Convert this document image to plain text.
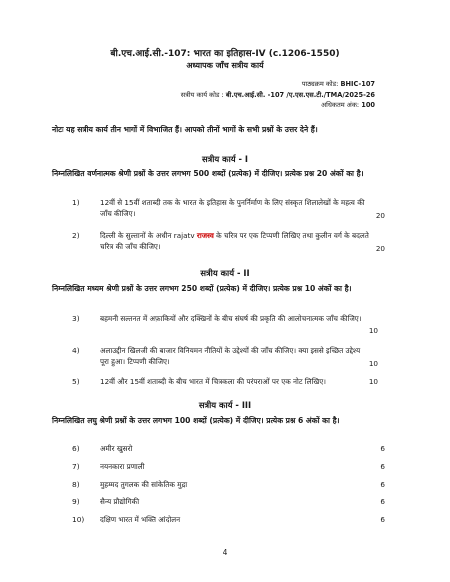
बी.एच.आई.सी.-107: भारत का इतिहास-IV (c.1206-1550)
अध्यापक जाँच सत्रीय कार्य
पाठ्यक्रम कोड: BHIC-107
सत्रीय कार्य कोड : बी.एच.आई.सी. -107 /ए.एस.एस.टी./TMA/2025-26
अधिकतम अंक: 100
नोटः यह सत्रीय कार्य तीन भागों में विभाजित हैं। आपको तीनों भागों के सभी प्रश्नों के उत्तर देने हैं।
सत्रीय कार्य - I
निम्नलिखित वर्णनात्मक श्रेणी प्रश्नों के उत्तर लगभग 500 शब्दों (प्रत्येक) में दीजिए। प्रत्येक प्रश्न 20 अंकों का है।
1)	12वीं से 15वीं शताब्दी तक के भारत के इतिहास के पुनर्निर्माण के लिए संस्कृत शिलालेखों के महत्व की जाँच कीजिए।	20
2)	दिल्ली के सुल्तानों के अधीन rajatv राजस्व के चरित्र पर एक टिप्पणी लिखिए तथा कुलीन वर्ग के बदलते चरित्र की जाँच कीजिए।	20
सत्रीय कार्य - II
निम्नलिखित मध्यम श्रेणी प्रश्नों के उत्तर लगभग 250 शब्दों (प्रत्येक) में दीजिए। प्रत्येक प्रश्न 10 अंकों का है।
3)	बहमनी सल्तनत में अफ़ाकियों और दक्खिनों के बीच संघर्ष की प्रकृति की आलोचनात्मक जाँच कीजिए।
10
4)	अलाउद्दीन खिलजी की बाजार विनियमन नीतियों के उद्देश्यों की जाँच कीजिए। क्या इससे इच्छित उद्देश्य पूरा हुआ। टिप्पणी कीजिए।	10
5)	12वीं और 15वीं शताब्दी के बीच भारत में चित्रकला की परंपराओं पर एक नोट लिखिए।	10
सत्रीय कार्य - III
निम्नलिखित लघु श्रेणी प्रश्नों के उत्तर लगभग 100 शब्दों (प्रत्येक) में दीजिए। प्रत्येक प्रश्न 6 अंकों का है।
6)	अमीर खुसरो	6
7)	नयनकारा प्रणाली	6
8)	मुहम्मद तुगलक की सांकेतिक मुद्रा	6
9)	सैन्य प्रौद्योगिकी	6
10) दक्षिण भारत में भक्ति आंदोलन	6
4
